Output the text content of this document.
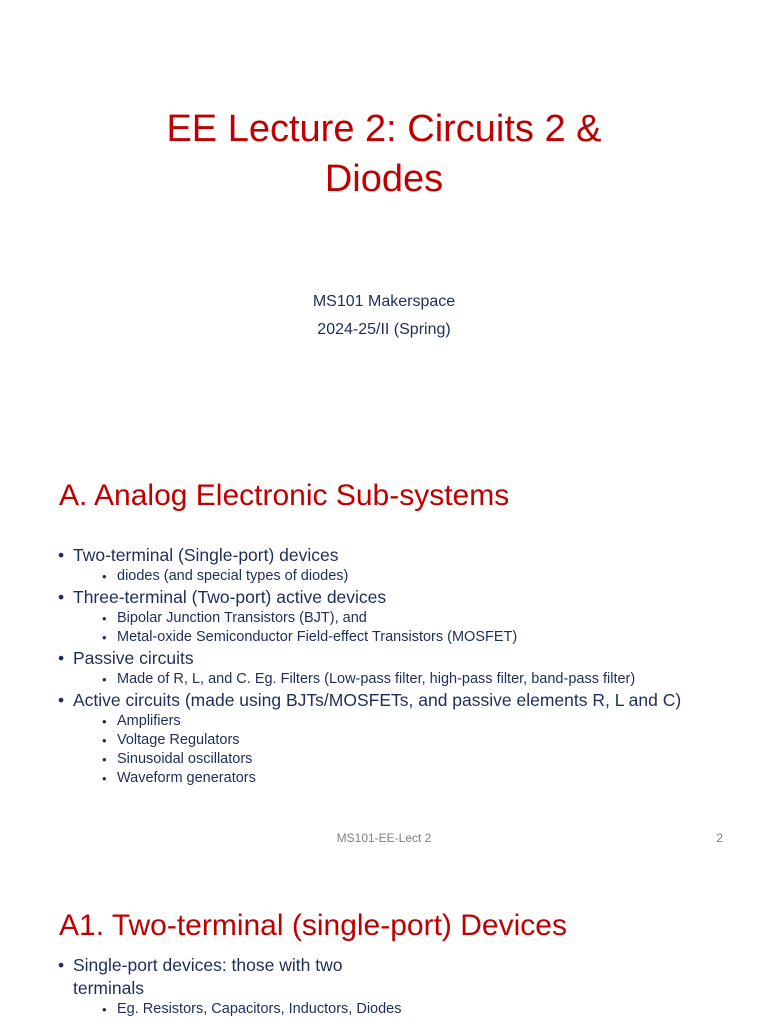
EE Lecture 2: Circuits 2 &
Diodes
MS101 Makerspace
2024-25/II (Spring)
A. Analog Electronic Sub-systems
• Two-terminal (Single-port) devices
• diodes (and special types of diodes)
• Three-terminal (Two-port) active devices
• Bipolar Junction Transistors (BJT), and
• Metal-oxide Semiconductor Field-effect Transistors (MOSFET)
• Passive circuits
• Made of R, L, and C. Eg. Filters (Low-pass filter, high-pass filter, band-pass filter)
• Active circuits (made using BJTs/MOSFETs, and passive elements R, L and C)
• Amplifiers
• Voltage Regulators
• Sinusoidal oscillators
• Waveform generators
MS101-EE-Lect 2	2
A1. Two-terminal (single-port) Devices
• Single-port devices: those with two terminals
• Eg. Resistors, Capacitors, Inductors, Diodes
